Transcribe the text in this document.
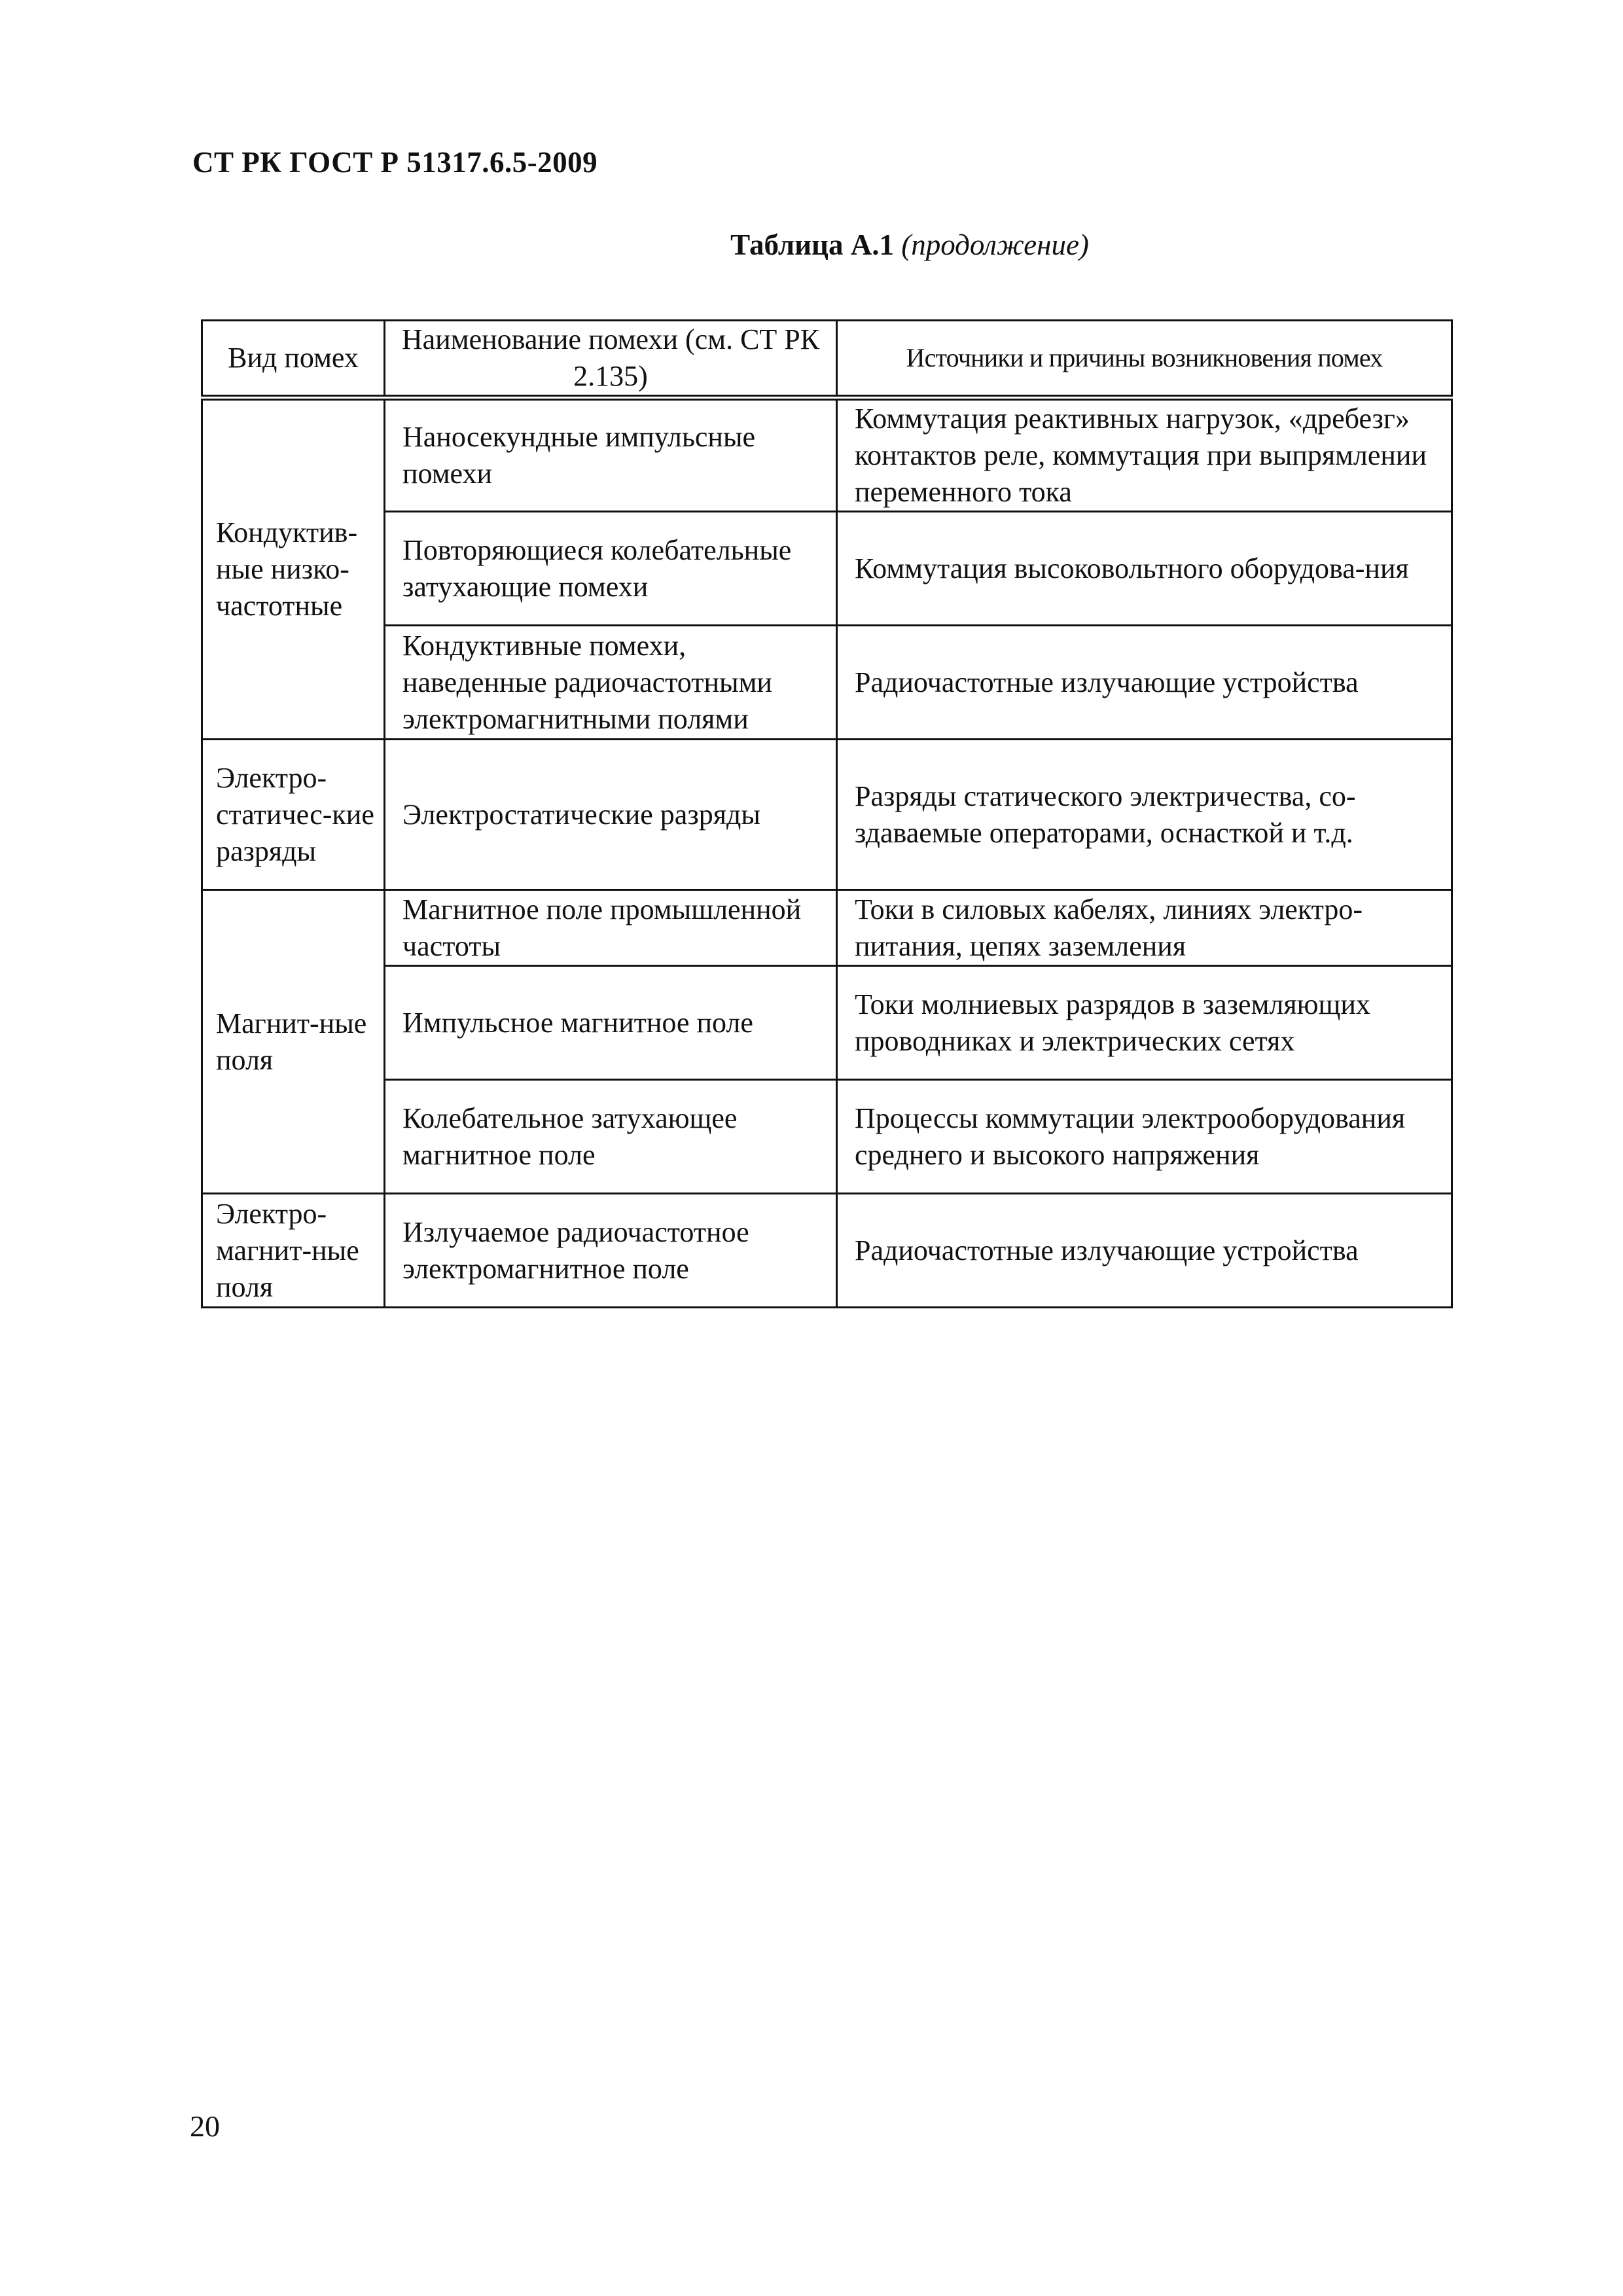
СТ РК ГОСТ Р 51317.6.5-2009
Таблица А.1 (продолжение)
Вид помех	Наименование помехи (см. СТ РК 2.135)	Источники и причины возникновения помех
Кондуктив-ные низко-частотные	Наносекундные импульсные помехи	Коммутация реактивных нагрузок, «дребезг» контактов реле, коммутация при выпрямлении переменного тока
	Повторяющиеся колебательные затухающие помехи	Коммутация высоковольтного оборудова-ния
	Кондуктивные помехи, наведенные радиочастотными электромагнитными полями	Радиочастотные излучающие устройства
Электро-статичес-кие разряды	Электростатические разряды	Разряды статического электричества, со-здаваемые операторами, оснасткой и т.д.
Магнит-ные поля	Магнитное поле промышленной частоты	Токи в силовых кабелях, линиях электро-питания, цепях заземления
	Импульсное магнитное поле	Токи молниевых разрядов в заземляющих проводниках и электрических сетях
	Колебательное затухающее магнитное поле	Процессы коммутации электрооборудования среднего и высокого напряжения
Электро-магнит-ные поля	Излучаемое радиочастотное электромагнитное поле	Радиочастотные излучающие устройства
20
